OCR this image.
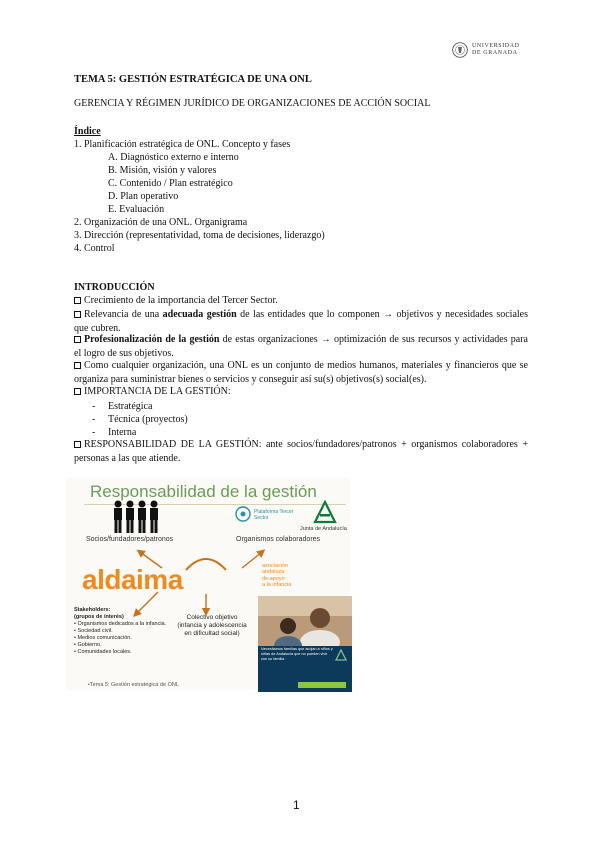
UNIVERSIDAD
DE GRANADA
TEMA 5: GESTIÓN ESTRATÉGICA DE UNA ONL
GERENCIA Y RÉGIMEN JURÍDICO DE ORGANIZACIONES DE ACCIÓN SOCIAL
Índice
1. Planificación estratégica de ONL. Concepto y fases
A. Diagnóstico externo e interno
B. Misión, visión y valores
C. Contenido / Plan estratégico
D. Plan operativo
E. Evaluación
2. Organización de una ONL. Organigrama
3. Dirección (representatividad, toma de decisiones, liderazgo)
4. Control
INTRODUCCIÓN
Crecimiento de la importancia del Tercer Sector.
Relevancia de una adecuada gestión de las entidades que lo componen → objetivos y necesidades sociales que cubren.
Profesionalización de la gestión de estas organizaciones → optimización de sus recursos y actividades para el logro de sus objetivos.
Como cualquier organización, una ONL es un conjunto de medios humanos, materiales y financieros que se organiza para suministrar bienes o servicios y conseguir así su(s) objetivos(s) social(es).
IMPORTANCIA DE LA GESTIÓN:
- Estratégica
- Técnica (proyectos)
- Interna
RESPONSABILIDAD DE LA GESTIÓN: ante socios/fundadores/patronos + organismos colaboradores + personas a las que atiende.
Responsabilidad de la gestión
Socios/fundadores/patronos
Plataforma Tercer Sector
Junta de Andalucía
Organismos colaboradores
aldaima	asociación
andaluza
de apoyo
a la infancia
Stakeholders:
(grupos de interés)
• Organismos dedicados a la infancia.
• Sociedad civil.
• Medios comunicación.
• Gobierno.
• Comunidades locales.
Colectivo objetivo
(infancia y adolescencia en dificultad social)
•Tema 5: Gestión estratégica de ONL
Necesitamos familias que acojan a niños y niñas de Andalucía que no pueden vivir con su familia
1
